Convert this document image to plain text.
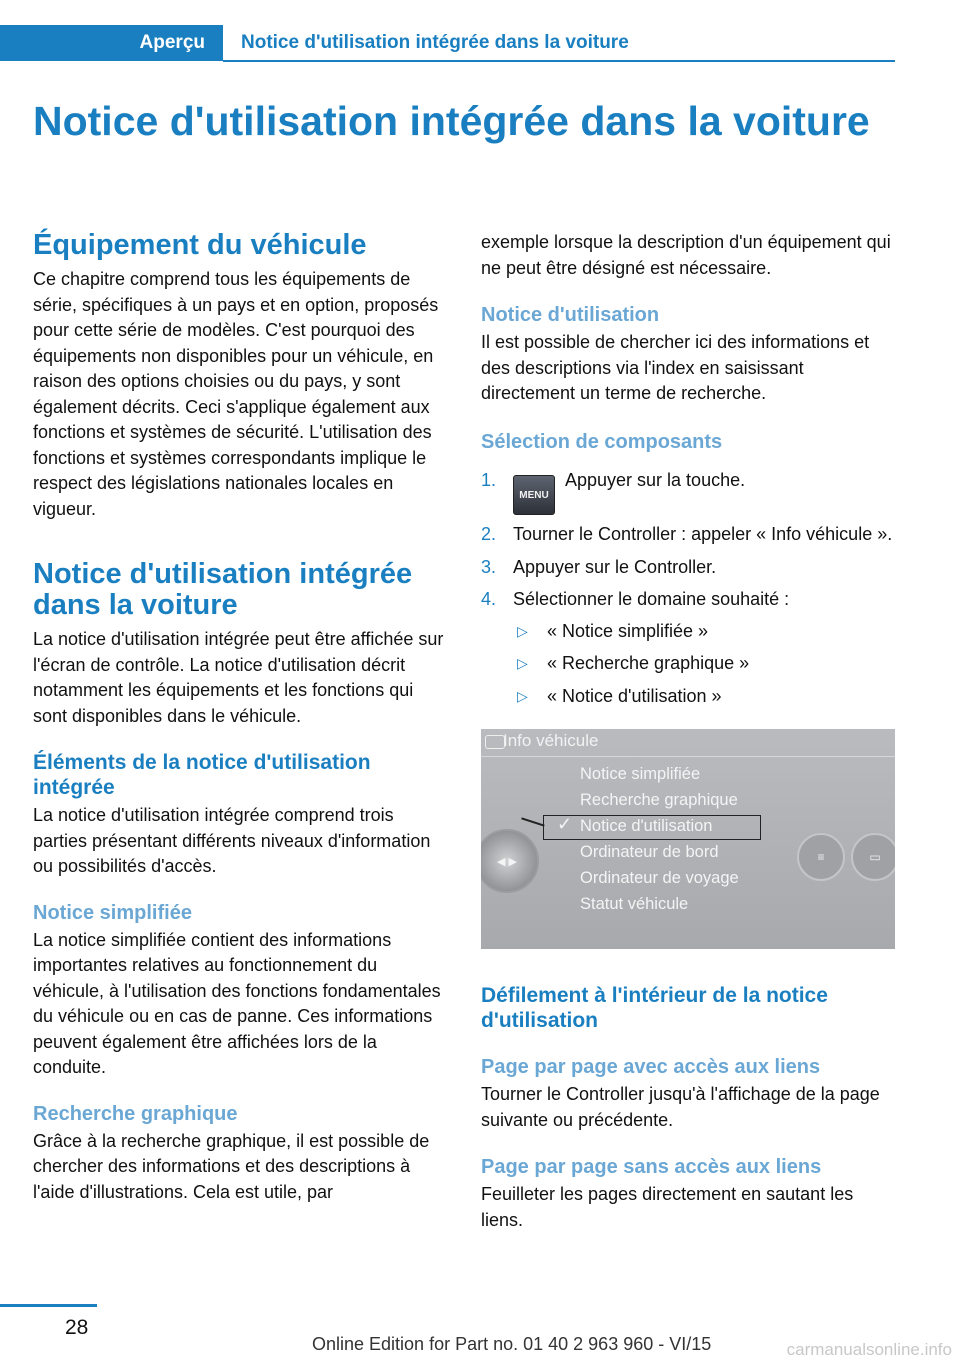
Aperçu	Notice d'utilisation intégrée dans la voiture
Notice d'utilisation intégrée dans la voiture
Équipement du véhicule

Ce chapitre comprend tous les équipements de série, spécifiques à un pays et en option, proposés pour cette série de modèles. C'est pourquoi des équipements non disponibles pour un véhicule, en raison des options choisies ou du pays, y sont également décrits. Ceci s'applique également aux fonctions et systèmes de sécurité. L'utilisation des fonctions et systèmes correspondants implique le respect des législations nationales locales en vigueur.

Notice d'utilisation intégrée dans la voiture

La notice d'utilisation intégrée peut être affichée sur l'écran de contrôle. La notice d'utilisation décrit notamment les équipements et les fonctions qui sont disponibles dans le véhicule.

Éléments de la notice d'utilisation intégrée

La notice d'utilisation intégrée comprend trois parties présentant différents niveaux d'information ou possibilités d'accès.

Notice simplifiée

La notice simplifiée contient des informations importantes relatives au fonctionnement du véhicule, à l'utilisation des fonctions fondamentales du véhicule ou en cas de panne. Ces informations peuvent également être affichées lors de la conduite.

Recherche graphique

Grâce à la recherche graphique, il est possible de chercher des informations et des descriptions à l'aide d'illustrations. Cela est utile, par

exemple lorsque la description d'un équipement qui ne peut être désigné est nécessaire.

Notice d'utilisation

Il est possible de chercher ici des informations et des descriptions via l'index en saisissant directement un terme de recherche.

Sélection de composants
1.
MENUAppuyer sur la touche.
2. Tourner le Controller : appeler « Info véhicule ».
3. Appuyer sur le Controller.
4. Sélectionner le domaine souhaité :
▷ « Notice simplifiée »
▷ « Recherche graphique »
▷ « Notice d'utilisation »
Info véhicule
Notice simplifiée
Recherche graphique
✓ Notice d'utilisation
Ordinateur de bord
Ordinateur de voyage
Statut véhicule
◀ ▶	≡	▭
Défilement à l'intérieur de la notice d'utilisation
Page par page avec accès aux liens

Tourner le Controller jusqu'à l'affichage de la page suivante ou précédente.

Page par page sans accès aux liens

Feuilleter les pages directement en sautant les liens.

28
Online Edition for Part no. 01 40 2 963 960 - VI/15	carmanualsonline.info
